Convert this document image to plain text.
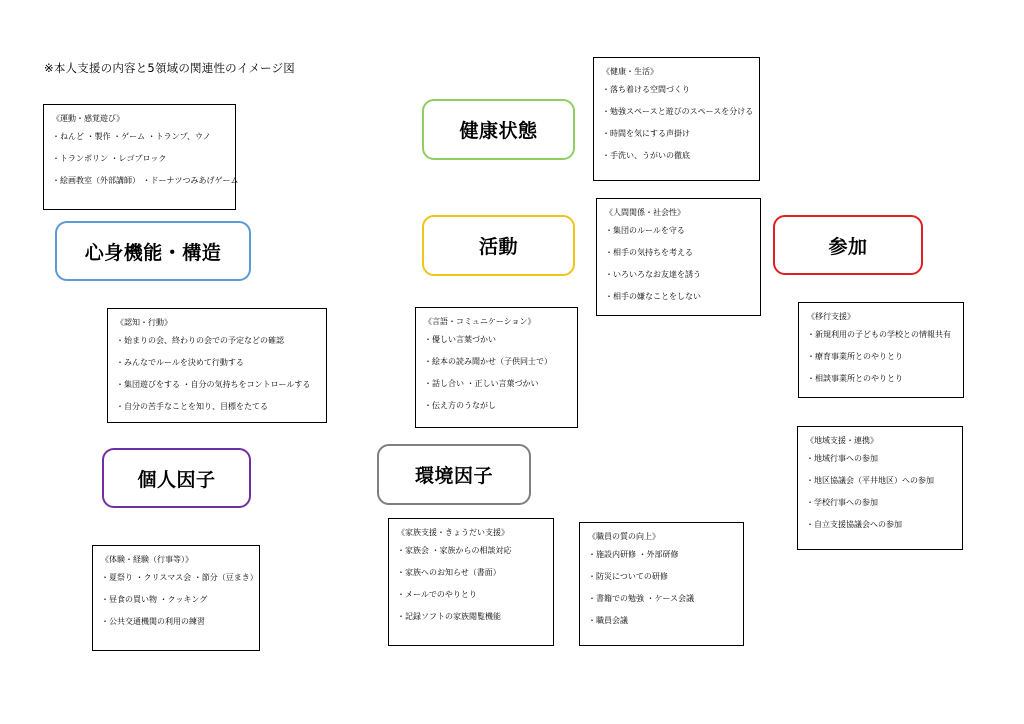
※本人支援の内容と5領域の関連性のイメージ図
健康状態
活動	参加
心身機能・構造
個人因子	環境因子
《運動・感覚遊び》
・ねんど ・製作 ・ゲーム ・トランプ、ウノ
・トランポリン ・レゴブロック
・絵画教室（外部講師） ・ドーナツつみあげゲーム
《健康・生活》
・落ち着ける空間づくり
・勉強スペースと遊びのスペースを分ける
・時間を気にする声掛け
・手洗い、うがいの徹底
《人間関係・社会性》
・集団のルールを守る
・相手の気持ちを考える
・いろいろなお友達を誘う
・相手の嫌なことをしない
《認知・行動》
・始まりの会、終わりの会での予定などの確認
・みんなでルールを決めて行動する
・集団遊びをする ・自分の気持ちをコントロールする
・自分の苦手なことを知り、目標をたてる
《言語・コミュニケーション》
・優しい言葉づかい
・絵本の読み聞かせ（子供同士で）
・話し合い ・正しい言葉づかい
・伝え方のうながし
《移行支援》
・新規利用の子どもの学校との情報共有
・療育事業所とのやりとり
・相談事業所とのやりとり
《地域支援・連携》
・地域行事への参加
・地区協議会（平井地区）への参加
・学校行事への参加
・自立支援協議会への参加
《体験・経験（行事等）》
・夏祭り ・クリスマス会 ・節分（豆まき）
・昼食の買い物 ・クッキング
・公共交通機関の利用の練習
《家族支援・きょうだい支援》
・家族会 ・家族からの相談対応
・家族へのお知らせ（書面）
・メールでのやりとり
・記録ソフトの家族閲覧機能
《職員の質の向上》
・施設内研修 ・外部研修
・防災についての研修
・書籍での勉強 ・ケース会議
・職員会議
